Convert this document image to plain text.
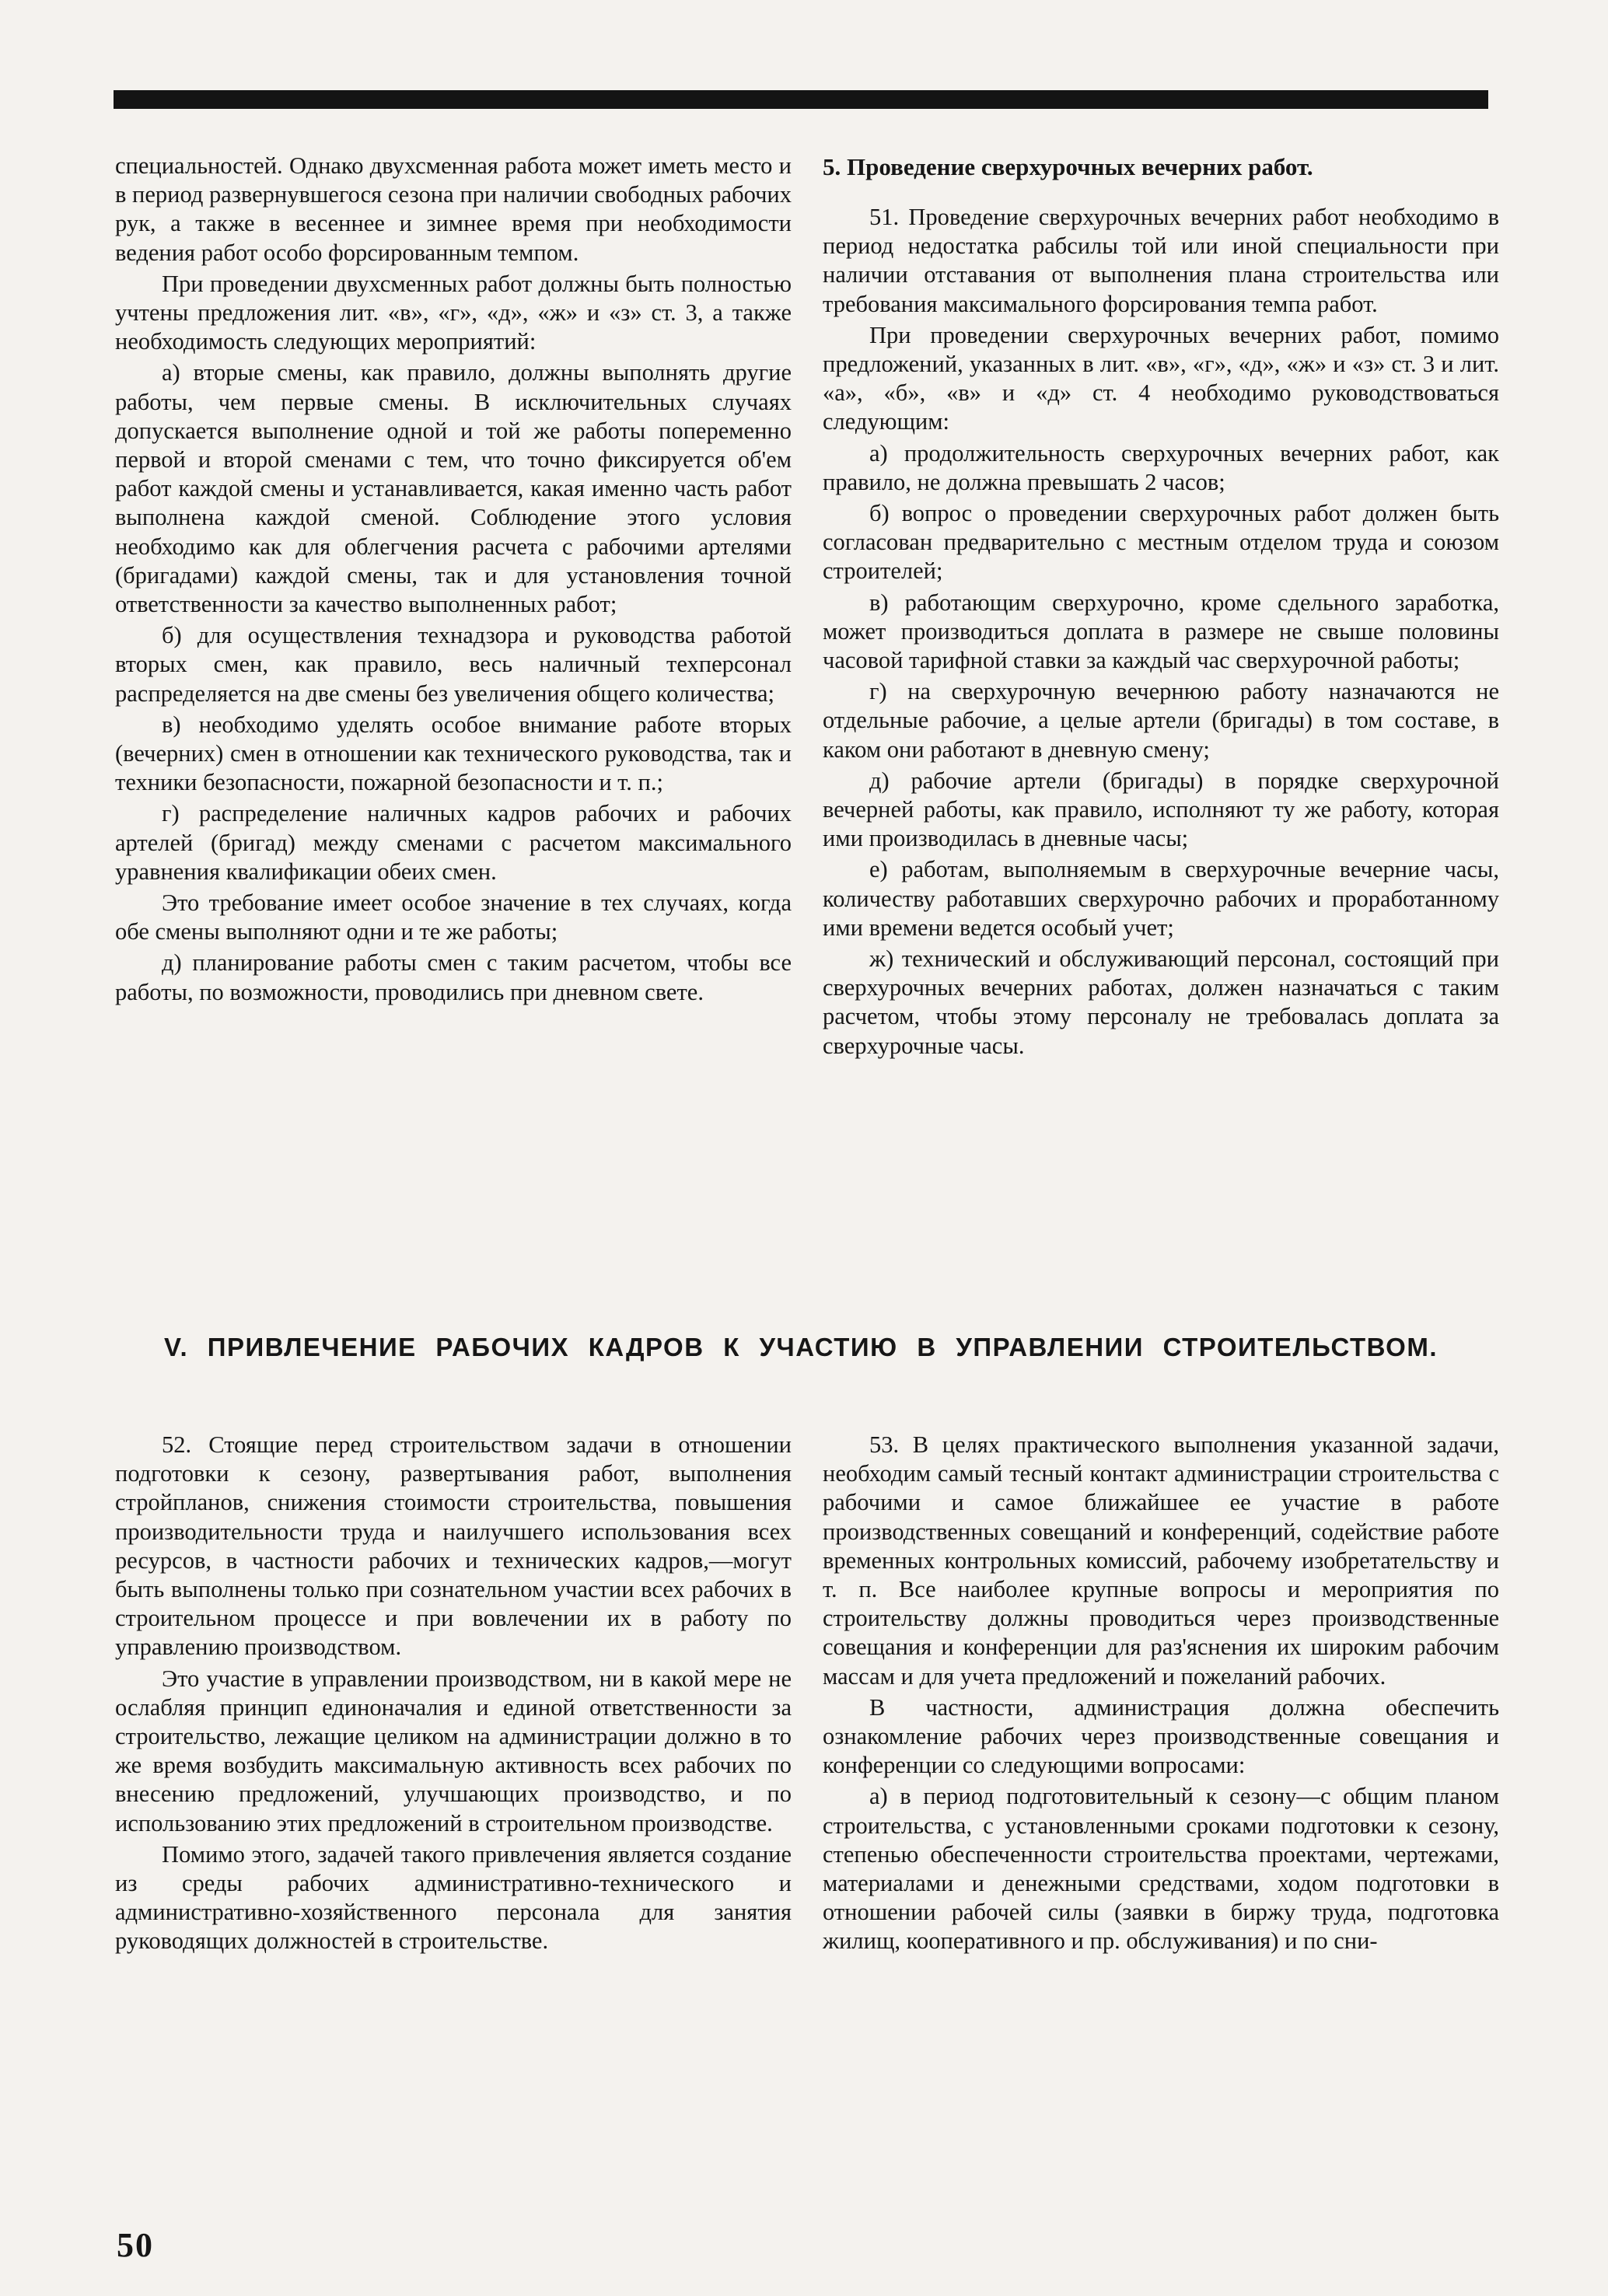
специальностей. Однако двухсменная работа может иметь место и в период развернувшегося сезона при наличии свободных рабочих рук, а также в весеннее и зимнее время при необходимости ведения работ особо форсированным темпом.

При проведении двухсменных работ должны быть полностью учтены предложения лит. «в», «г», «д», «ж» и «з» ст. 3, а также необходимость следующих мероприятий:

а) вторые смены, как правило, должны выполнять другие работы, чем первые смены. В исключительных случаях допускается выполнение одной и той же работы попеременно первой и второй сменами с тем, что точно фиксируется об'ем работ каждой смены и устанавливается, какая именно часть работ выполнена каждой сменой. Соблюдение этого условия необходимо как для облегчения расчета с рабочими артелями (бригадами) каждой смены, так и для установления точной ответственности за качество выполненных работ;

б) для осуществления технадзора и руководства работой вторых смен, как правило, весь наличный техперсонал распределяется на две смены без увеличения общего количества;

в) необходимо уделять особое внимание работе вторых (вечерних) смен в отношении как технического руководства, так и техники безопасности, пожарной безопасности и т. п.;

г) распределение наличных кадров рабочих и рабочих артелей (бригад) между сменами с расчетом максимального уравнения квалификации обеих смен.

Это требование имеет особое значение в тех случаях, когда обе смены выполняют одни и те же работы;

д) планирование работы смен с таким расчетом, чтобы все работы, по возможности, проводились при дневном свете.

5. Проведение сверхурочных вечерних работ.

51. Проведение сверхурочных вечерних работ необходимо в период недостатка рабсилы той или иной специальности при наличии отставания от выполнения плана строительства или требования максимального форсирования темпа работ.

При проведении сверхурочных вечерних работ, помимо предложений, указанных в лит. «в», «г», «д», «ж» и «з» ст. 3 и лит. «а», «б», «в» и «д» ст. 4 необходимо руководствоваться следующим:

а) продолжительность сверхурочных вечерних работ, как правило, не должна превышать 2 часов;

б) вопрос о проведении сверхурочных работ должен быть согласован предварительно с местным отделом труда и союзом строителей;

в) работающим сверхурочно, кроме сдельного заработка, может производиться доплата в размере не свыше половины часовой тарифной ставки за каждый час сверхурочной работы;

г) на сверхурочную вечернюю работу назначаются не отдельные рабочие, а целые артели (бригады) в том составе, в каком они работают в дневную смену;

д) рабочие артели (бригады) в порядке сверхурочной вечерней работы, как правило, исполняют ту же работу, которая ими производилась в дневные часы;

е) работам, выполняемым в сверхурочные вечерние часы, количеству работавших сверхурочно рабочих и проработанному ими времени ведется особый учет;

ж) технический и обслуживающий персонал, состоящий при сверхурочных вечерних работах, должен назначаться с таким расчетом, чтобы этому персоналу не требовалась доплата за сверхурочные часы.

V. ПРИВЛЕЧЕНИЕ РАБОЧИХ КАДРОВ К УЧАСТИЮ В УПРАВЛЕНИИ СТРОИТЕЛЬСТВОМ.

52. Стоящие перед строительством задачи в отношении подготовки к сезону, развертывания работ, выполнения стройпланов, снижения стоимости строительства, повышения производительности труда и наилучшего использования всех ресурсов, в частности рабочих и технических кадров,—могут быть выполнены только при сознательном участии всех рабочих в строительном процессе и при вовлечении их в работу по управлению производством.

Это участие в управлении производством, ни в какой мере не ослабляя принцип единоначалия и единой ответственности за строительство, лежащие целиком на администрации должно в то же время возбудить максимальную активность всех рабочих по внесению предложений, улучшающих производство, и по использованию этих предложений в строительном производстве.

Помимо этого, задачей такого привлечения является создание из среды рабочих административно-технического и административно-хозяйственного персонала для занятия руководящих должностей в строительстве.

53. В целях практического выполнения указанной задачи, необходим самый тесный контакт администрации строительства с рабочими и самое ближайшее ее участие в работе производственных совещаний и конференций, содействие работе временных контрольных комиссий, рабочему изобретательству и т. п. Все наиболее крупные вопросы и мероприятия по строительству должны проводиться через производственные совещания и конференции для раз'яснения их широким рабочим массам и для учета предложений и пожеланий рабочих.

В частности, администрация должна обеспечить ознакомление рабочих через производственные совещания и конференции со следующими вопросами:

а) в период подготовительный к сезону—с общим планом строительства, с установленными сроками подготовки к сезону, степенью обеспеченности строительства проектами, чертежами, материалами и денежными средствами, ходом подготовки в отношении рабочей силы (заявки в биржу труда, подготовка жилищ, кооперативного и пр. обслуживания) и по сни-

50
